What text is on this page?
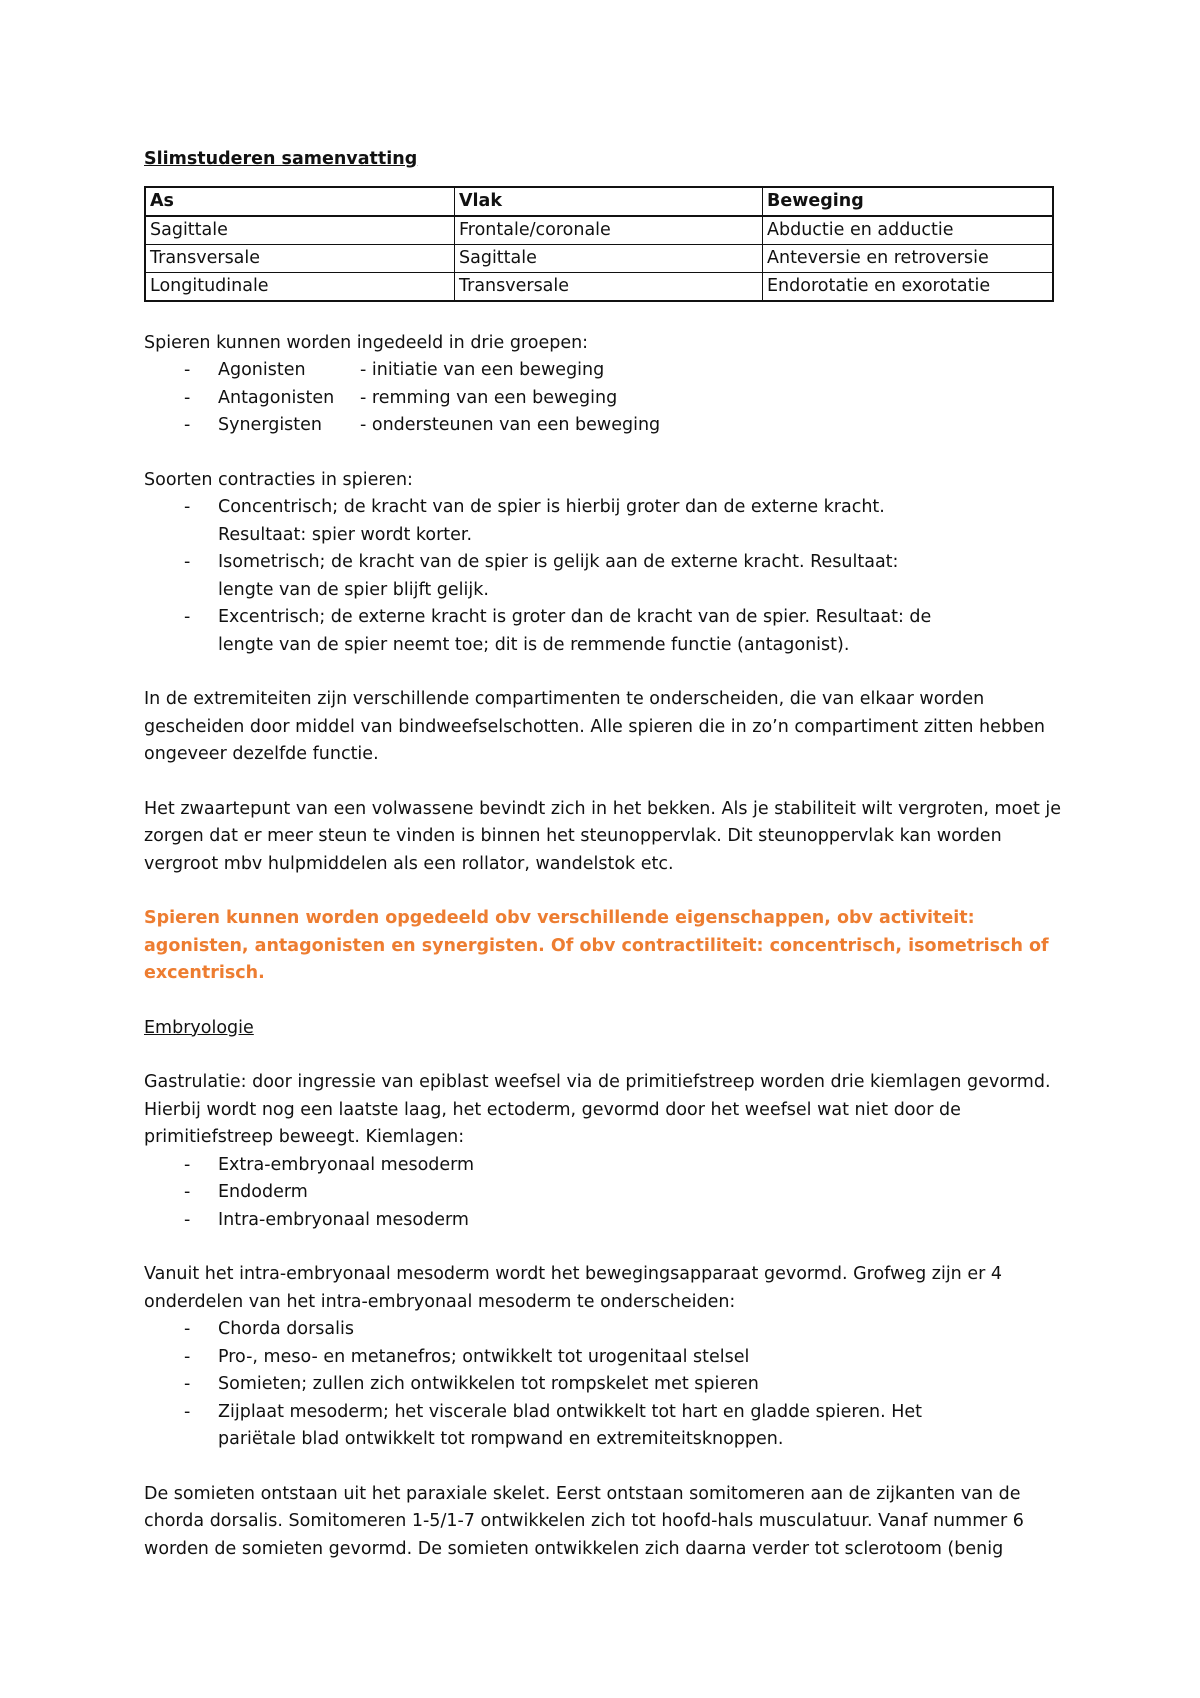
Slimstuderen samenvatting

As	Vlak	Beweging
Sagittale	Frontale/coronale	Abductie en adductie
Transversale	Sagittale	Anteversie en retroversie
Longitudinale	Transversale	Endorotatie en exorotatie

Spieren kunnen worden ingedeeld in drie groepen:

- Agonisten	- initiatie van een beweging
- Antagonisten - remming van een beweging
- Synergisten - ondersteunen van een beweging

Soorten contracties in spieren:

- Concentrisch; de kracht van de spier is hierbij groter dan de externe kracht. Resultaat: spier wordt korter.
- Isometrisch; de kracht van de spier is gelijk aan de externe kracht. Resultaat: lengte van de spier blijft gelijk.
- Excentrisch; de externe kracht is groter dan de kracht van de spier. Resultaat: de lengte van de spier neemt toe; dit is de remmende functie (antagonist).

In de extremiteiten zijn verschillende compartimenten te onderscheiden, die van elkaar worden gescheiden door middel van bindweefselschotten. Alle spieren die in zo’n compartiment zitten hebben ongeveer dezelfde functie.

Het zwaartepunt van een volwassene bevindt zich in het bekken. Als je stabiliteit wilt vergroten, moet je zorgen dat er meer steun te vinden is binnen het steunoppervlak. Dit steunoppervlak kan worden vergroot mbv hulpmiddelen als een rollator, wandelstok etc.

Spieren kunnen worden opgedeeld obv verschillende eigenschappen, obv activiteit: agonisten, antagonisten en synergisten. Of obv contractiliteit: concentrisch, isometrisch of excentrisch.

Embryologie

Gastrulatie: door ingressie van epiblast weefsel via de primitiefstreep worden drie kiemlagen gevormd. Hierbij wordt nog een laatste laag, het ectoderm, gevormd door het weefsel wat niet door de primitiefstreep beweegt. Kiemlagen:

- Extra-embryonaal mesoderm
- Endoderm
- Intra-embryonaal mesoderm

Vanuit het intra-embryonaal mesoderm wordt het bewegingsapparaat gevormd. Grofweg zijn er 4 onderdelen van het intra-embryonaal mesoderm te onderscheiden:

- Chorda dorsalis
- Pro-, meso- en metanefros; ontwikkelt tot urogenitaal stelsel
- Somieten; zullen zich ontwikkelen tot rompskelet met spieren
- Zijplaat mesoderm; het viscerale blad ontwikkelt tot hart en gladde spieren. Het pariëtale blad ontwikkelt tot rompwand en extremiteitsknoppen.

De somieten ontstaan uit het paraxiale skelet. Eerst ontstaan somitomeren aan de zijkanten van de chorda dorsalis. Somitomeren 1-5/1-7 ontwikkelen zich tot hoofd-hals musculatuur. Vanaf nummer 6 worden de somieten gevormd. De somieten ontwikkelen zich daarna verder tot sclerotoom (benig
